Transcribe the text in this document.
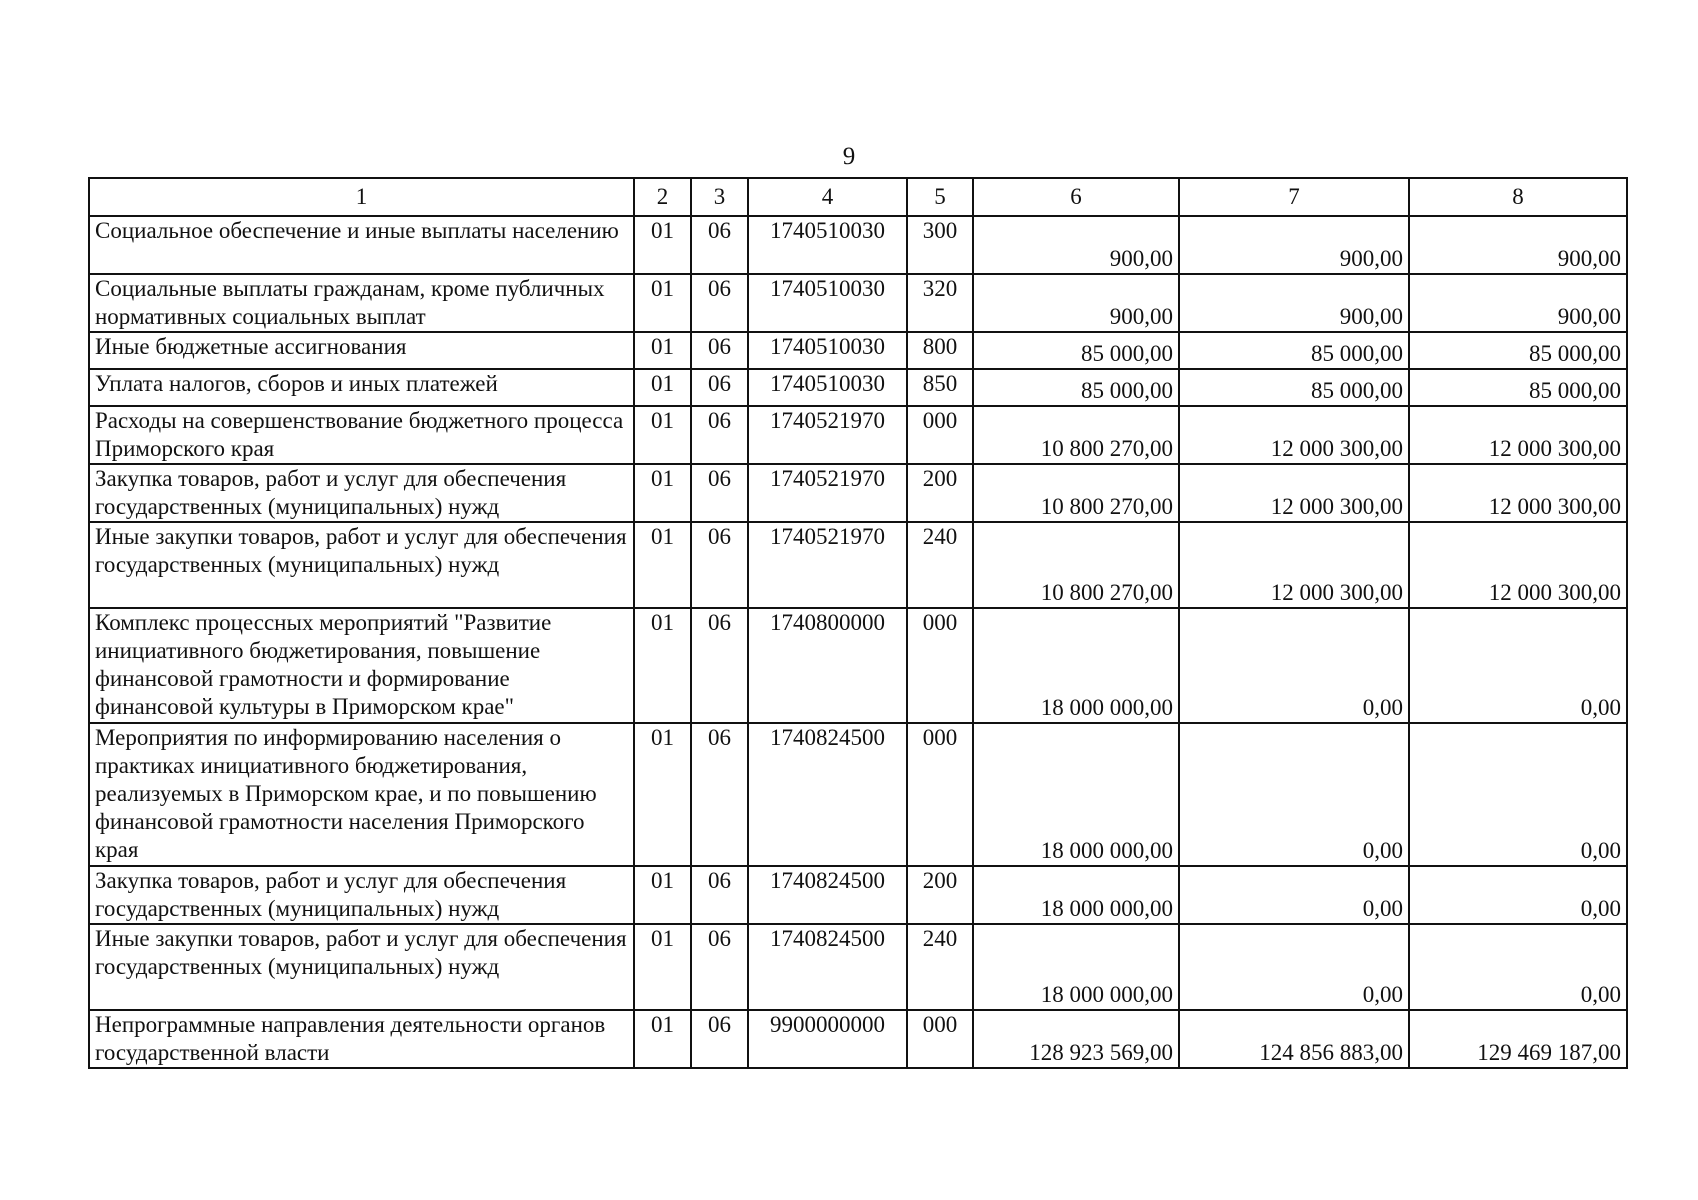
9
1	2	3	4	5	6	7	8
Социальное обеспечение и иные выплаты населению	01	06	1740510030	300	900,00	900,00	900,00
Социальные выплаты гражданам, кроме публичных нормативных социальных выплат	01	06	1740510030	320	900,00	900,00	900,00
Иные бюджетные ассигнования	01	06	1740510030	800	85 000,00	85 000,00	85 000,00
Уплата налогов, сборов и иных платежей	01	06	1740510030	850	85 000,00	85 000,00	85 000,00
Расходы на совершенствование бюджетного процесса Приморского края	01	06	1740521970	000	10 800 270,00	12 000 300,00	12 000 300,00
Закупка товаров, работ и услуг для обеспечения государственных (муниципальных) нужд	01	06	1740521970	200	10 800 270,00	12 000 300,00	12 000 300,00
Иные закупки товаров, работ и услуг для обеспечения государственных (муниципальных) нужд	01	06	1740521970	240	10 800 270,00	12 000 300,00	12 000 300,00
Комплекс процессных мероприятий "Развитие инициативного бюджетирования, повышение финансовой грамотности и формирование финансовой культуры в Приморском крае"	01	06	1740800000	000	18 000 000,00	0,00	0,00
Мероприятия по информированию населения о практиках инициативного бюджетирования, реализуемых в Приморском крае, и по повышению финансовой грамотности населения Приморского края	01	06	1740824500	000	18 000 000,00	0,00	0,00
Закупка товаров, работ и услуг для обеспечения государственных (муниципальных) нужд	01	06	1740824500	200	18 000 000,00	0,00	0,00
Иные закупки товаров, работ и услуг для обеспечения государственных (муниципальных) нужд	01	06	1740824500	240	18 000 000,00	0,00	0,00
Непрограммные направления деятельности органов государственной власти	01	06	9900000000	000	128 923 569,00	124 856 883,00	129 469 187,00
